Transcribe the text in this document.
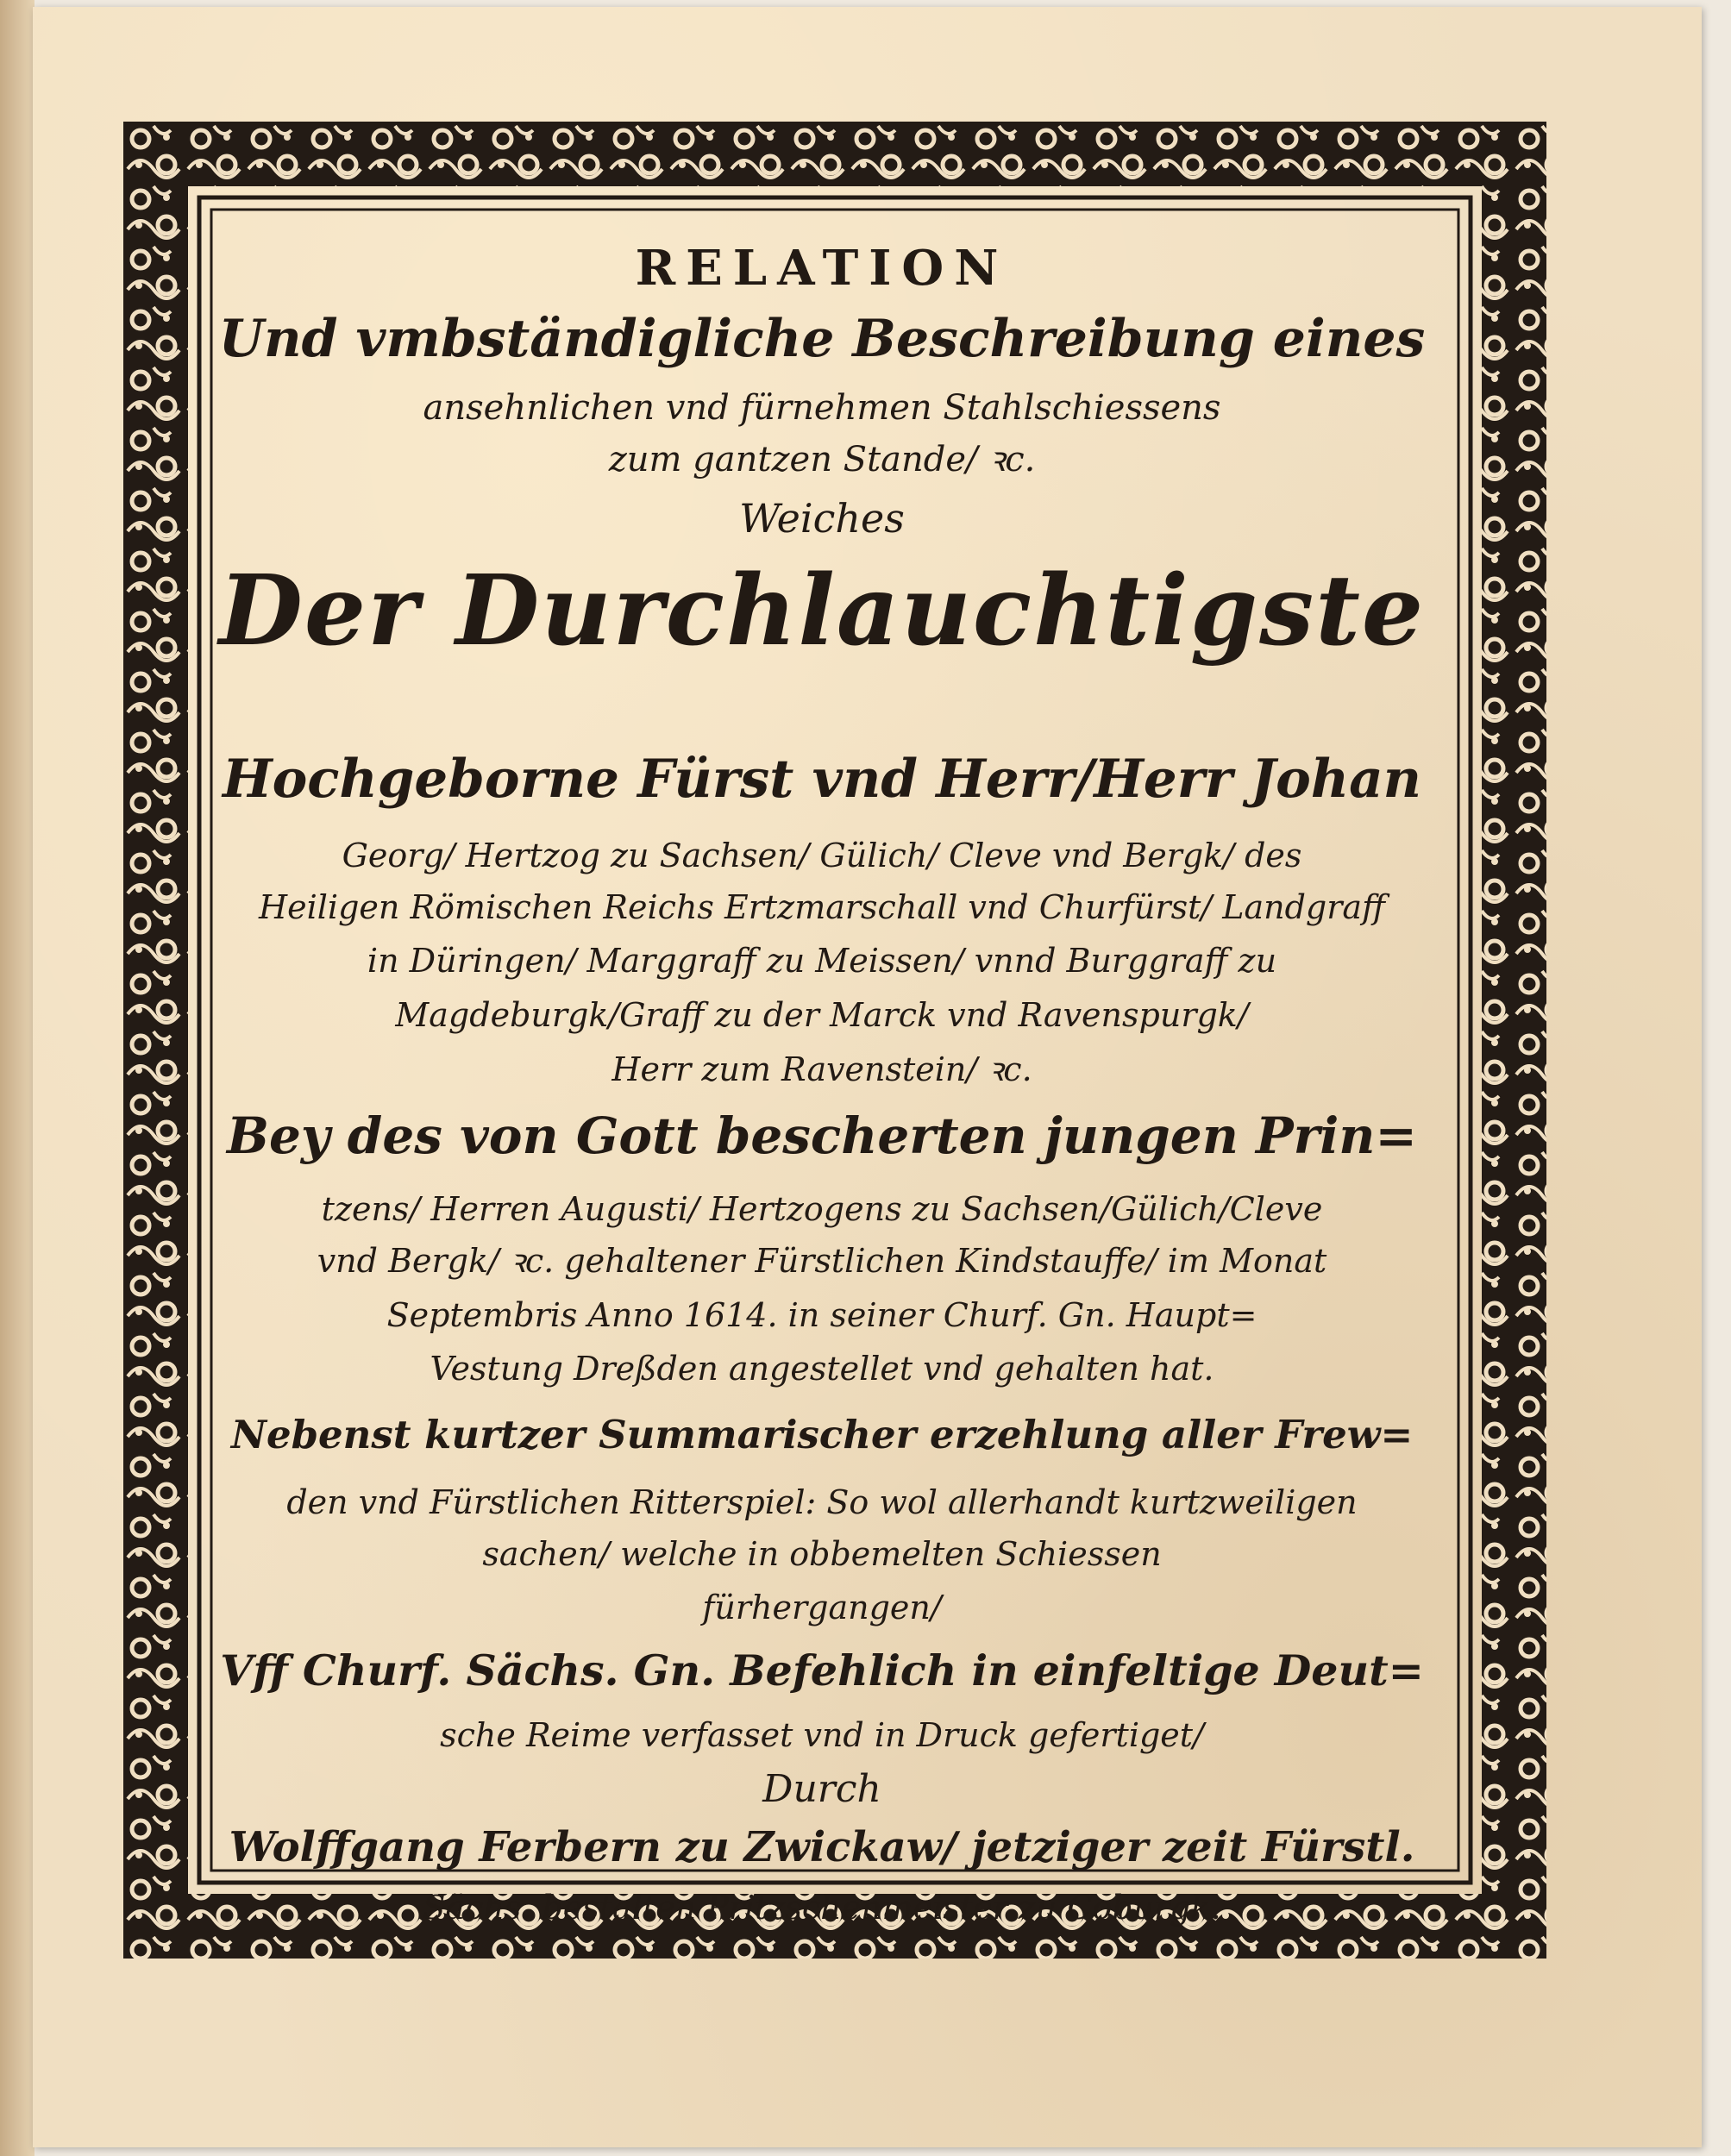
RELATION
Und vmbständigliche Beschreibung eines
ansehnlichen vnd fürnehmen Stahlschiessens
zum gantzen Stande/ ꝛc.
Weiches
Der Durchlauchtigste
Hochgeborne Fürst vnd Herr/Herr Johan
Georg/ Hertzog zu Sachsen/ Gülich/ Cleve vnd Bergk/ des
Heiligen Römischen Reichs Ertzmarschall vnd Churfürst/ Landgraff
in Düringen/ Marggraff zu Meissen/ vnnd Burggraff zu
Magdeburgk/Graff zu der Marck vnd Ravenspurgk/
Herr zum Ravenstein/ ꝛc.
Bey des von Gott bescherten jungen Prin=
tzens/ Herren Augusti/ Hertzogens zu Sachsen/Gülich/Cleve
vnd Bergk/ ꝛc. gehaltener Fürstlichen Kindstauffe/ im Monat
Septembris Anno 1614. in seiner Churf. Gn. Haupt=
Vestung Dreßden angestellet vnd gehalten hat.
Nebenst kurtzer Summarischer erzehlung aller Frew=
den vnd Fürstlichen Ritterspiel: So wol allerhandt kurtzweiligen
sachen/ welche in obbemelten Schiessen
fürhergangen/
Vff Churf. Sächs. Gn. Befehlich in einfeltige Deut=
sche Reime verfasset vnd in Druck gefertiget/
Durch
Wolffgang Ferbern zu Zwickaw/ jetziger zeit Fürstl.
Sächs. bestalten Pritzschenmeister zu Coburgk.
